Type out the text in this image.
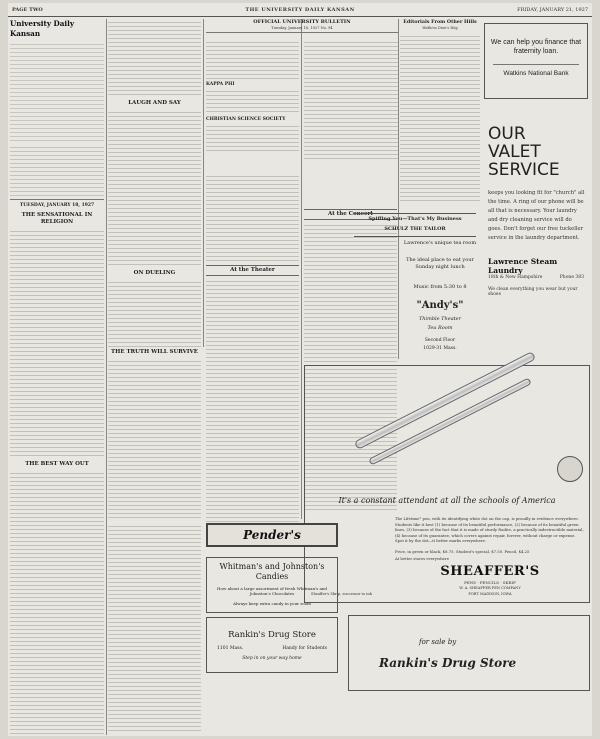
PAGE TWO	THE UNIVERSITY DAILY KANSAN	FRIDAY, JANUARY 21, 1927
University Daily Kansan
TUESDAY, JANUARY 18, 1927
THE SENSATIONAL IN RELIGION
THE BEST WAY OUT
LAUGH AND SAY
ON DUELING
THE TRUTH WILL SURVIVE
OFFICIAL UNIVERSITY BULLETIN
Tuesday, January 18, 1927 No. 94
KAPPA PHI
CHRISTIAN SCIENCE SOCIETY
At the Theater
At the Concert
Editorials From Other Hills
Watkins Dam's Way
Spiffing You—That's My Business
SCHULZ THE TAILOR
Lawrence's unique tea room
The ideal place to eat your Sunday night lunch
Music from 5:30 to 8
"Andy's"
Thimble Theater
Tea Room
Second Floor
1029-31 Mass.
We can help you finance that fraternity loan.
Watkins National Bank
OUR
VALET
SERVICE
keeps you looking fit for "church" all the time. A ring of our phone will be all that is necessary. Your laundry and dry cleaning service will do goes. Don't forget our free tuckeller service in the laundry department.
Lawrence Steam Laundry
18th & New Hampshire	Phone 383
We clean everything you wear but your shoes
It's a constant attendant at all the schools of America
The Lifetime° pen, with its identifying white dot on the cap, is proudly in evidence everywhere. Students like it best (1) because of its beautiful performance, (2) because of its beautiful green lines, (3) because of the fact that it is made of sturdy Radite, a practically indestructible material, (4) because of its guarantee, which covers against repair, forever, without charge or expense. Spot it by the dot—it better marks everywhere.
Price, in green or black, $8.75. Student's special, $7.50. Pencil, $4.25
At better stores everywhere
SHEAFFER'S
PENS · PENCILS · SKRIP
W. A. SHEAFFER PEN COMPANY
FORT MADISON, IOWA
Sheaffer's Skrip, successor to ink
Pender's
Whitman's and Johnston's Candies
How about a large assortment of fresh Whitman's and Johnston's Chocolates
Always keep extra candy in your room
Rankin's Drug Store
1101 Mass.	Handy for Students
Step in on your way home
for sale by
Rankin's Drug Store
